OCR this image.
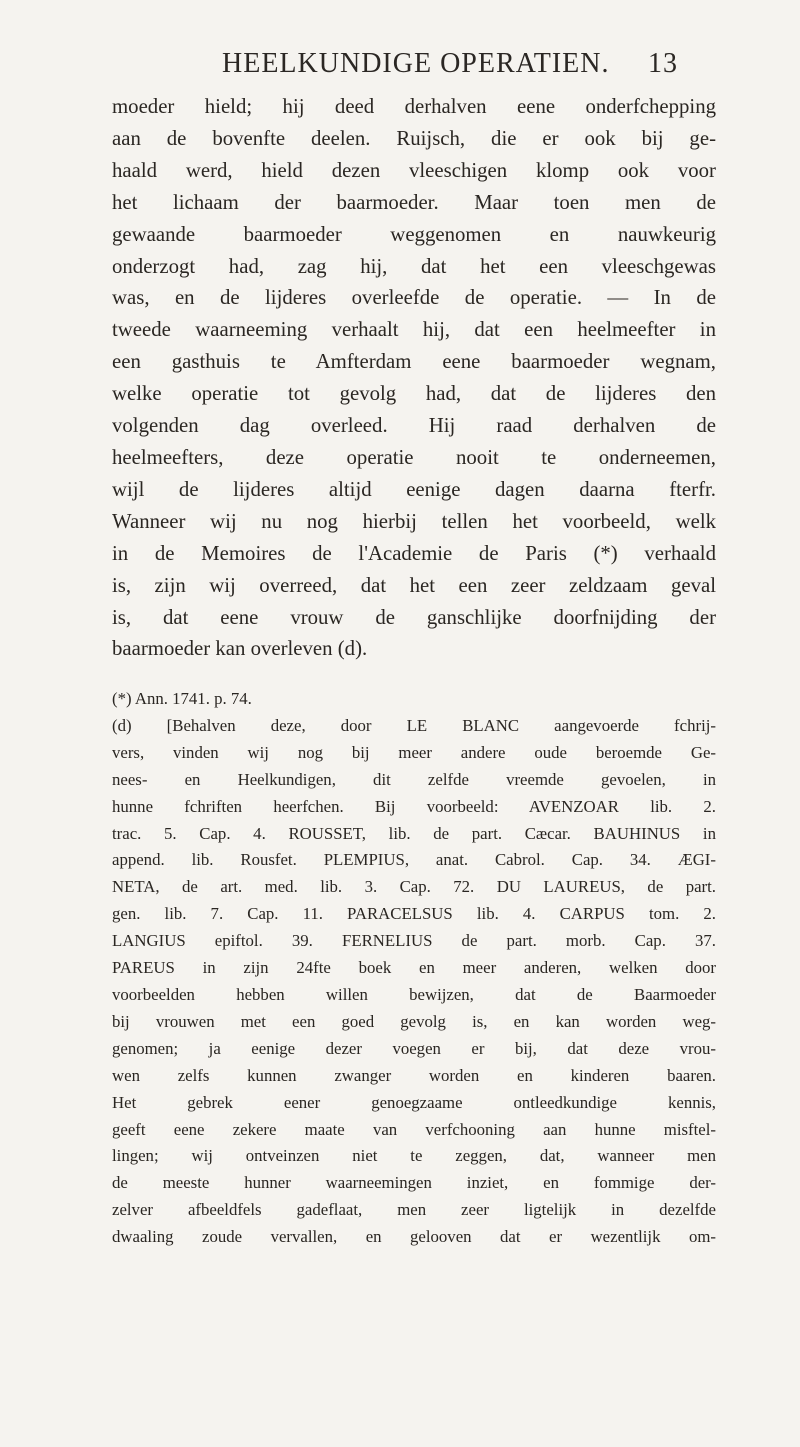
HEELKUNDIGE OPERATIEN. 13
moeder hield; hij deed derhalven eene onderfchepping
aan de bovenfte deelen. Ruijsch, die er ook bij ge-
haald werd, hield dezen vleeschigen klomp ook voor
het lichaam der baarmoeder. Maar toen men de
gewaande baarmoeder weggenomen en nauwkeurig
onderzogt had, zag hij, dat het een vleeschgewas
was, en de lijderes overleefde de operatie. — In de
tweede waarneeming verhaalt hij, dat een heelmeefter in
een gasthuis te Amfterdam eene baarmoeder wegnam,
welke operatie tot gevolg had, dat de lijderes den
volgenden dag overleed. Hij raad derhalven de
heelmeefters, deze operatie nooit te onderneemen,
wijl de lijderes altijd eenige dagen daarna fterfr.
Wanneer wij nu nog hierbij tellen het voorbeeld, welk
in de Memoires de l'Academie de Paris (*) verhaald
is, zijn wij overreed, dat het een zeer zeldzaam geval
is, dat eene vrouw de ganschlijke doorfnijding der
baarmoeder kan overleven (d).
(*) Ann. 1741. p. 74.
(d) [Behalven deze, door LE BLANC aangevoerde fchrij-
vers, vinden wij nog bij meer andere oude beroemde Ge-
nees- en Heelkundigen, dit zelfde vreemde gevoelen, in
hunne fchriften heerfchen. Bij voorbeeld: AVENZOAR lib. 2.
trac. 5. Cap. 4. ROUSSET, lib. de part. Cæcar. BAUHINUS in
append. lib. Rousfet. PLEMPIUS, anat. Cabrol. Cap. 34. ÆGI-
NETA, de art. med. lib. 3. Cap. 72. DU LAUREUS, de part.
gen. lib. 7. Cap. 11. PARACELSUS lib. 4. CARPUS tom. 2.
LANGIUS epiftol. 39. FERNELIUS de part. morb. Cap. 37.
PAREUS in zijn 24fte boek en meer anderen, welken door
voorbeelden hebben willen bewijzen, dat de Baarmoeder
bij vrouwen met een goed gevolg is, en kan worden weg-
genomen; ja eenige dezer voegen er bij, dat deze vrou-
wen zelfs kunnen zwanger worden en kinderen baaren.
Het gebrek eener genoegzaame ontleedkundige kennis,
geeft eene zekere maate van verfchooning aan hunne misftel-
lingen; wij ontveinzen niet te zeggen, dat, wanneer men
de meeste hunner waarneemingen inziet, en fommige der-
zelver afbeeldfels gadeflaat, men zeer ligtelijk in dezelfde
dwaaling zoude vervallen, en gelooven dat er wezentlijk om-
